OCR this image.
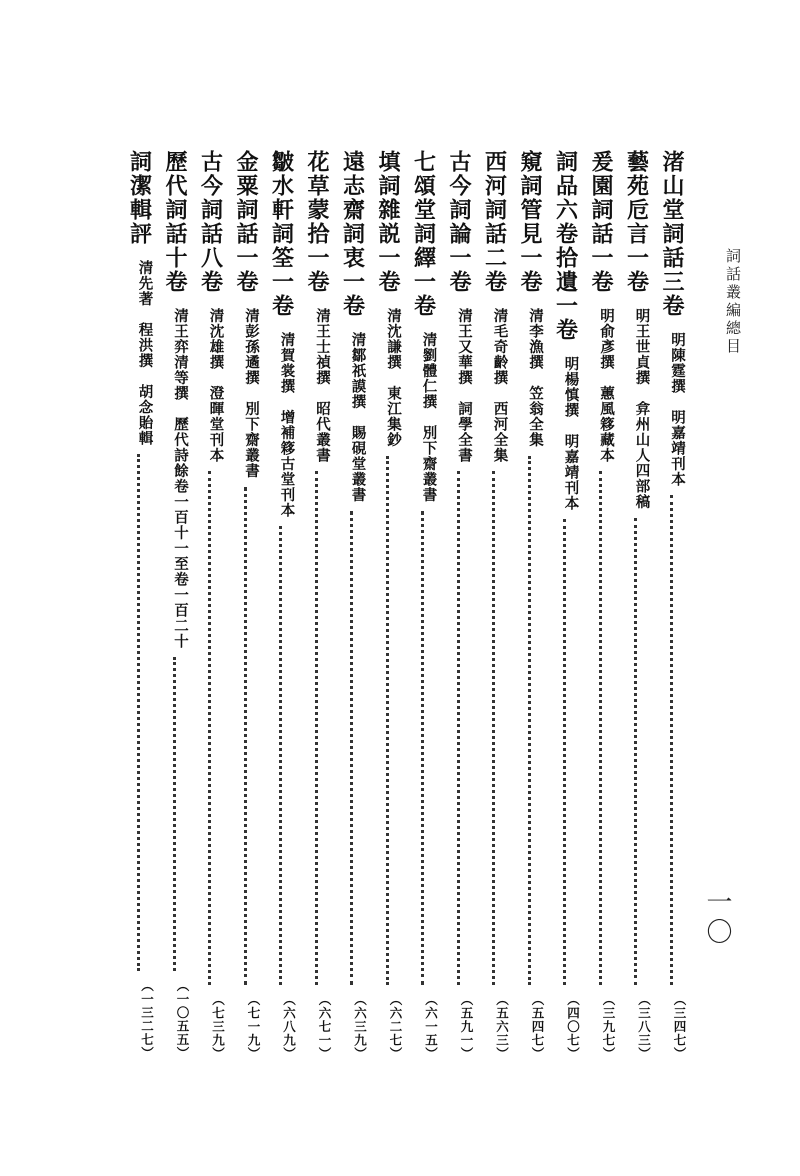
詞話叢編總目
一〇
渚山堂詞話三卷
明陳霆撰　明嘉靖刊本
（三四七）
藝苑卮言一卷
明王世貞撰　弇州山人四部稿
（三八三）
爰園詞話一卷
明俞彥撰　蕙風簃藏本
（三九七）
詞品六卷拾遺一卷
明楊慎撰　明嘉靖刊本
（四〇七）
窺詞管見一卷
清李漁撰　笠翁全集
（五四七）
西河詞話二卷
清毛奇齡撰　西河全集
（五六三）
古今詞論一卷
清王又華撰　詞學全書
（五九一）
七頌堂詞繹一卷
清劉體仁撰　別下齋叢書
（六一五）
填詞雜説一卷
清沈謙撰　東江集鈔
（六二七）
遠志齋詞衷一卷
清鄒祇謨撰　賜硯堂叢書
（六三九）
花草蒙拾一卷
清王士禎撰　昭代叢書
（六七一）
皺水軒詞筌一卷
清賀裳撰　增補簃古堂刊本
（六八九）
金粟詞話一卷
清彭孫遹撰　別下齋叢書
（七一九）
古今詞話八卷
清沈雄撰　澄暉堂刊本
（七三九）
歷代詞話十卷
清王弈清等撰　歷代詩餘卷一百十一至卷一百二十
（一〇五五）
詞潔輯評
清先著　程洪撰　胡念貽輯
（一三二七）
